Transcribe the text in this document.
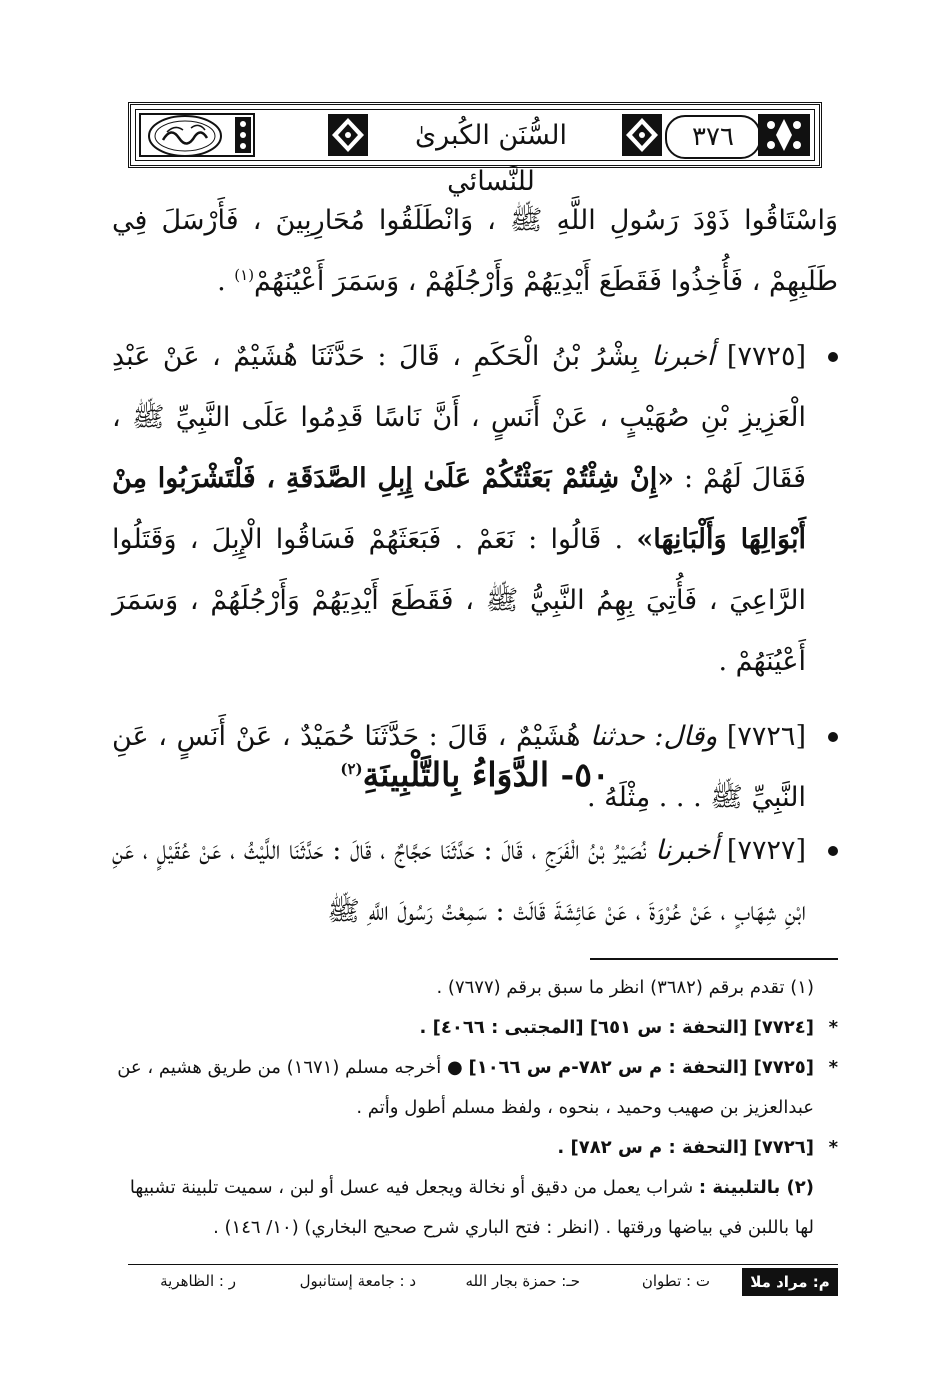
السُّنَن الكُبرىٰ للنَّسائي
٣٧٦

وَاسْتَاقُوا ذَوْدَ رَسُولِ اللَّهِ ﷺ ، وَانْطَلَقُوا مُحَارِبِينَ ، فَأَرْسَلَ فِي طَلَبِهِمْ ، فَأُخِذُوا فَقَطَعَ أَيْدِيَهُمْ وَأَرْجُلَهُمْ ، وَسَمَرَ أَعْيُنَهُمْ$^{(١)}$ .

[٧٧٢٥] أخبرنا بِشْرُ بْنُ الْحَكَمِ ، قَالَ : حَدَّثَنَا هُشَيْمٌ ، عَنْ عَبْدِ الْعَزِيزِ بْنِ صُهَيْبٍ ، عَنْ أَنَسٍ ، أَنَّ نَاسًا قَدِمُوا عَلَى النَّبِيِّ ﷺ ، فَقَالَ لَهُمْ : «إِنْ شِئْتُمْ بَعَثْتُكُمْ عَلَىٰ إِبِلِ الصَّدَقَةِ ، فَلْتَشْرَبُوا مِنْ أَبْوَالِهَا وَأَلْبَانِهَا» . قَالُوا : نَعَمْ . فَبَعَثَهُمْ فَسَاقُوا الْإِبِلَ ، وَقَتَلُوا الرَّاعِيَ ، فَأُتِيَ بِهِمُ النَّبِيُّ ﷺ ، فَقَطَعَ أَيْدِيَهُمْ وَأَرْجُلَهُمْ ، وَسَمَرَ أَعْيُنَهُمْ .

[٧٧٢٦] وقال: حدثنا هُشَيْمٌ ، قَالَ : حَدَّثَنَا حُمَيْدٌ ، عَنْ أَنَسٍ ، عَنِ النَّبِيِّ ﷺ . . . مِثْلَهُ .

٥٠- الدَّوَاءُ بِالتَّلْبِينَةِ$^{(٢)}$

[٧٧٢٧] أخبرنا نُصَيْرُ بْنُ الْفَرَجِ ، قَالَ : حَدَّثَنَا حَجَّاجٌ ، قَالَ : حَدَّثَنَا اللَّيْثُ ، عَنْ عُقَيْلٍ ، عَنِ ابْنِ شِهَابٍ ، عَنْ عُرْوَةَ ، عَنْ عَائِشَةَ قَالَتْ : سَمِعْتُ رَسُولَ اللَّهِ ﷺ

(١) تقدم برقم (٣٦٨٢) انظر ما سبق برقم (٧٦٧٧) .

*
[٧٧٢٤] [التحفة : س ٦٥١] [المجتبى : ٤٠٦٦] .

*
[٧٧٢٥] [التحفة : م س ٧٨٢-م س ١٠٦٦] ● أخرجه مسلم (١٦٧١) من طريق هشيم ، عن عبدالعزيز بن صهيب وحميد ، بنحوه ، ولفظ مسلم أطول وأتم .

*
[٧٧٢٦] [التحفة : م س ٧٨٢] .

(٢) بالتلبينة : شراب يعمل من دقيق أو نخالة ويجعل فيه عسل أو لبن ، سميت تلبينة تشبيها لها باللبن في بياضها ورقتها . (انظر : فتح الباري شرح صحيح البخاري) (١٠/ ١٤٦) .

م: مراد ملا
ت : تطوان
حـ: حمزة بجار الله
د : جامعة إستانبول
ر : الظاهرية
